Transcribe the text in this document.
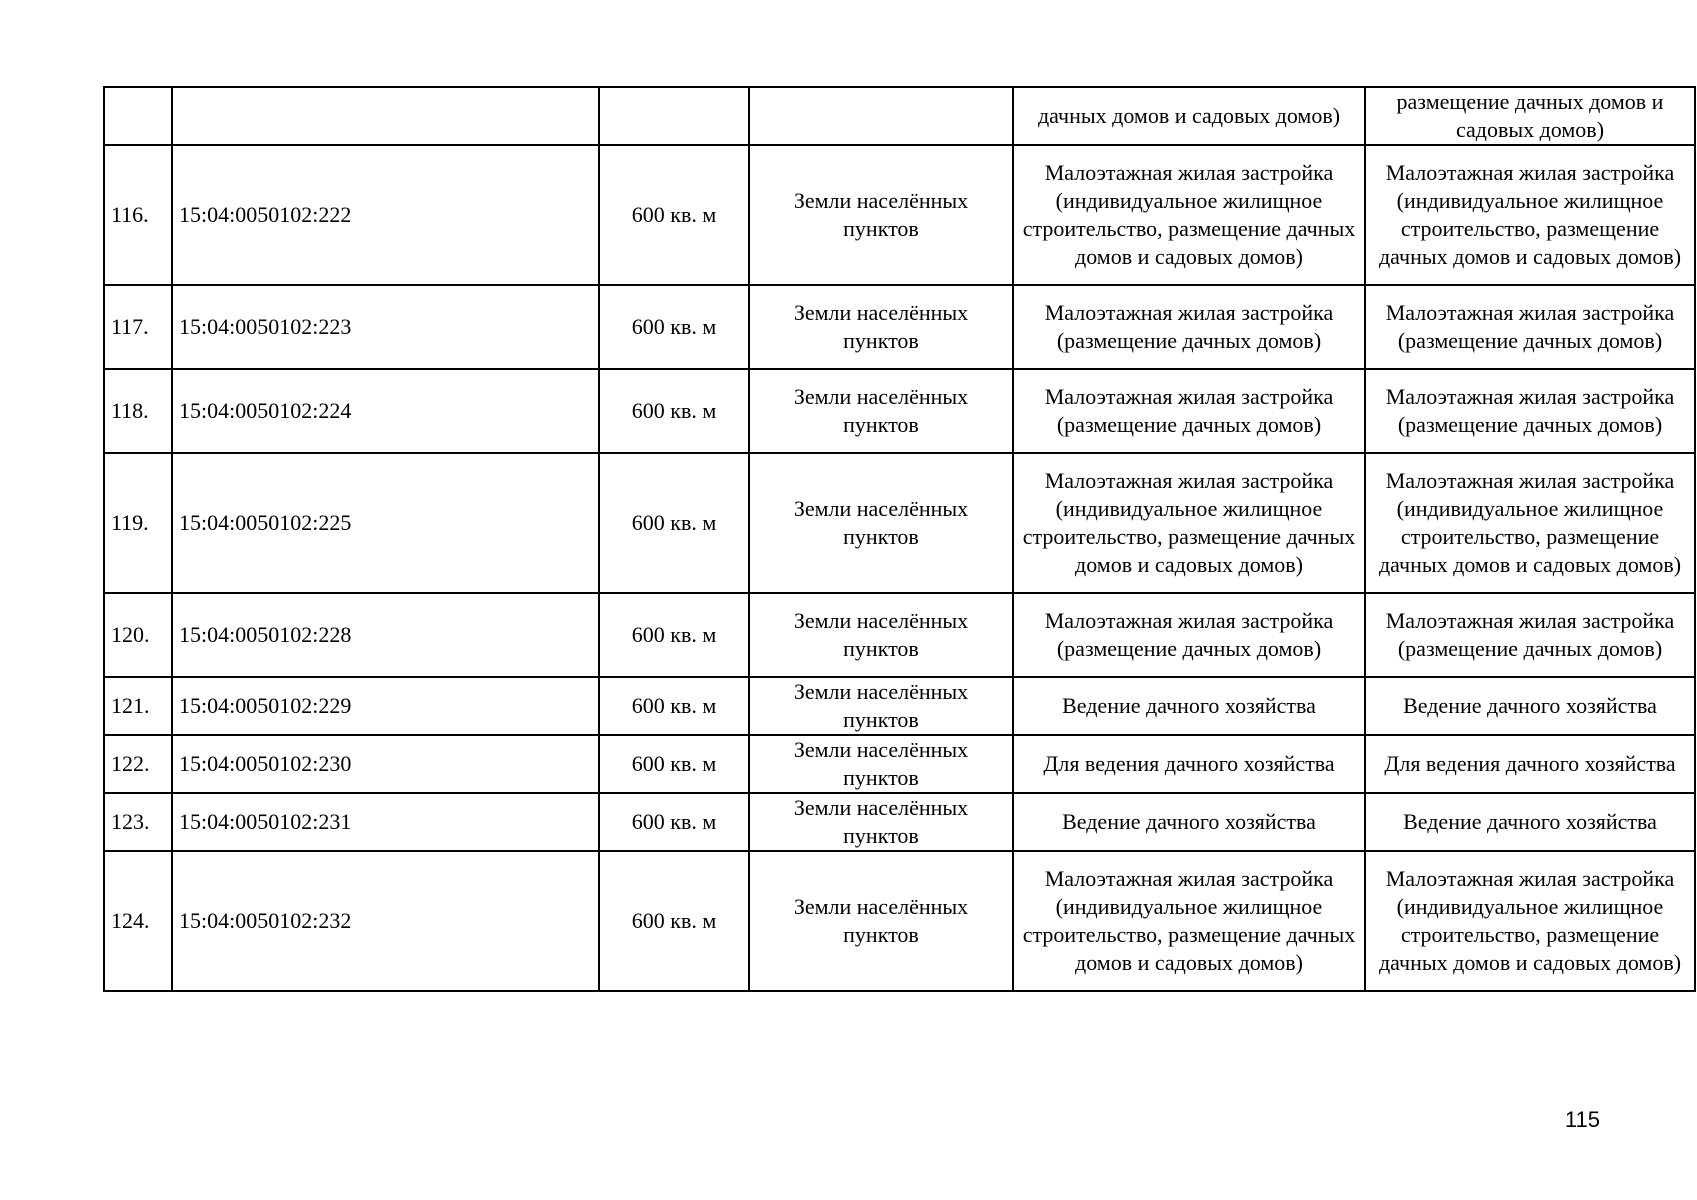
				дачных домов и садовых домов)	размещение дачных домов и садовых домов)
116.	15:04:0050102:222	600 кв. м	Земли населённых пунктов	Малоэтажная жилая застройка (индивидуальное жилищное строительство, размещение дачных домов и садовых домов)	Малоэтажная жилая застройка (индивидуальное жилищное строительство, размещение дачных домов и садовых домов)
117.	15:04:0050102:223	600 кв. м	Земли населённых пунктов	Малоэтажная жилая застройка (размещение дачных домов)	Малоэтажная жилая застройка (размещение дачных домов)
118.	15:04:0050102:224	600 кв. м	Земли населённых пунктов	Малоэтажная жилая застройка (размещение дачных домов)	Малоэтажная жилая застройка (размещение дачных домов)
119.	15:04:0050102:225	600 кв. м	Земли населённых пунктов	Малоэтажная жилая застройка (индивидуальное жилищное строительство, размещение дачных домов и садовых домов)	Малоэтажная жилая застройка (индивидуальное жилищное строительство, размещение дачных домов и садовых домов)
120.	15:04:0050102:228	600 кв. м	Земли населённых пунктов	Малоэтажная жилая застройка (размещение дачных домов)	Малоэтажная жилая застройка (размещение дачных домов)
121.	15:04:0050102:229	600 кв. м	Земли населённых пунктов	Ведение дачного хозяйства	Ведение дачного хозяйства
122.	15:04:0050102:230	600 кв. м	Земли населённых пунктов	Для ведения дачного хозяйства	Для ведения дачного хозяйства
123.	15:04:0050102:231	600 кв. м	Земли населённых пунктов	Ведение дачного хозяйства	Ведение дачного хозяйства
124.	15:04:0050102:232	600 кв. м	Земли населённых пунктов	Малоэтажная жилая застройка (индивидуальное жилищное строительство, размещение дачных домов и садовых домов)	Малоэтажная жилая застройка (индивидуальное жилищное строительство, размещение дачных домов и садовых домов)
115
